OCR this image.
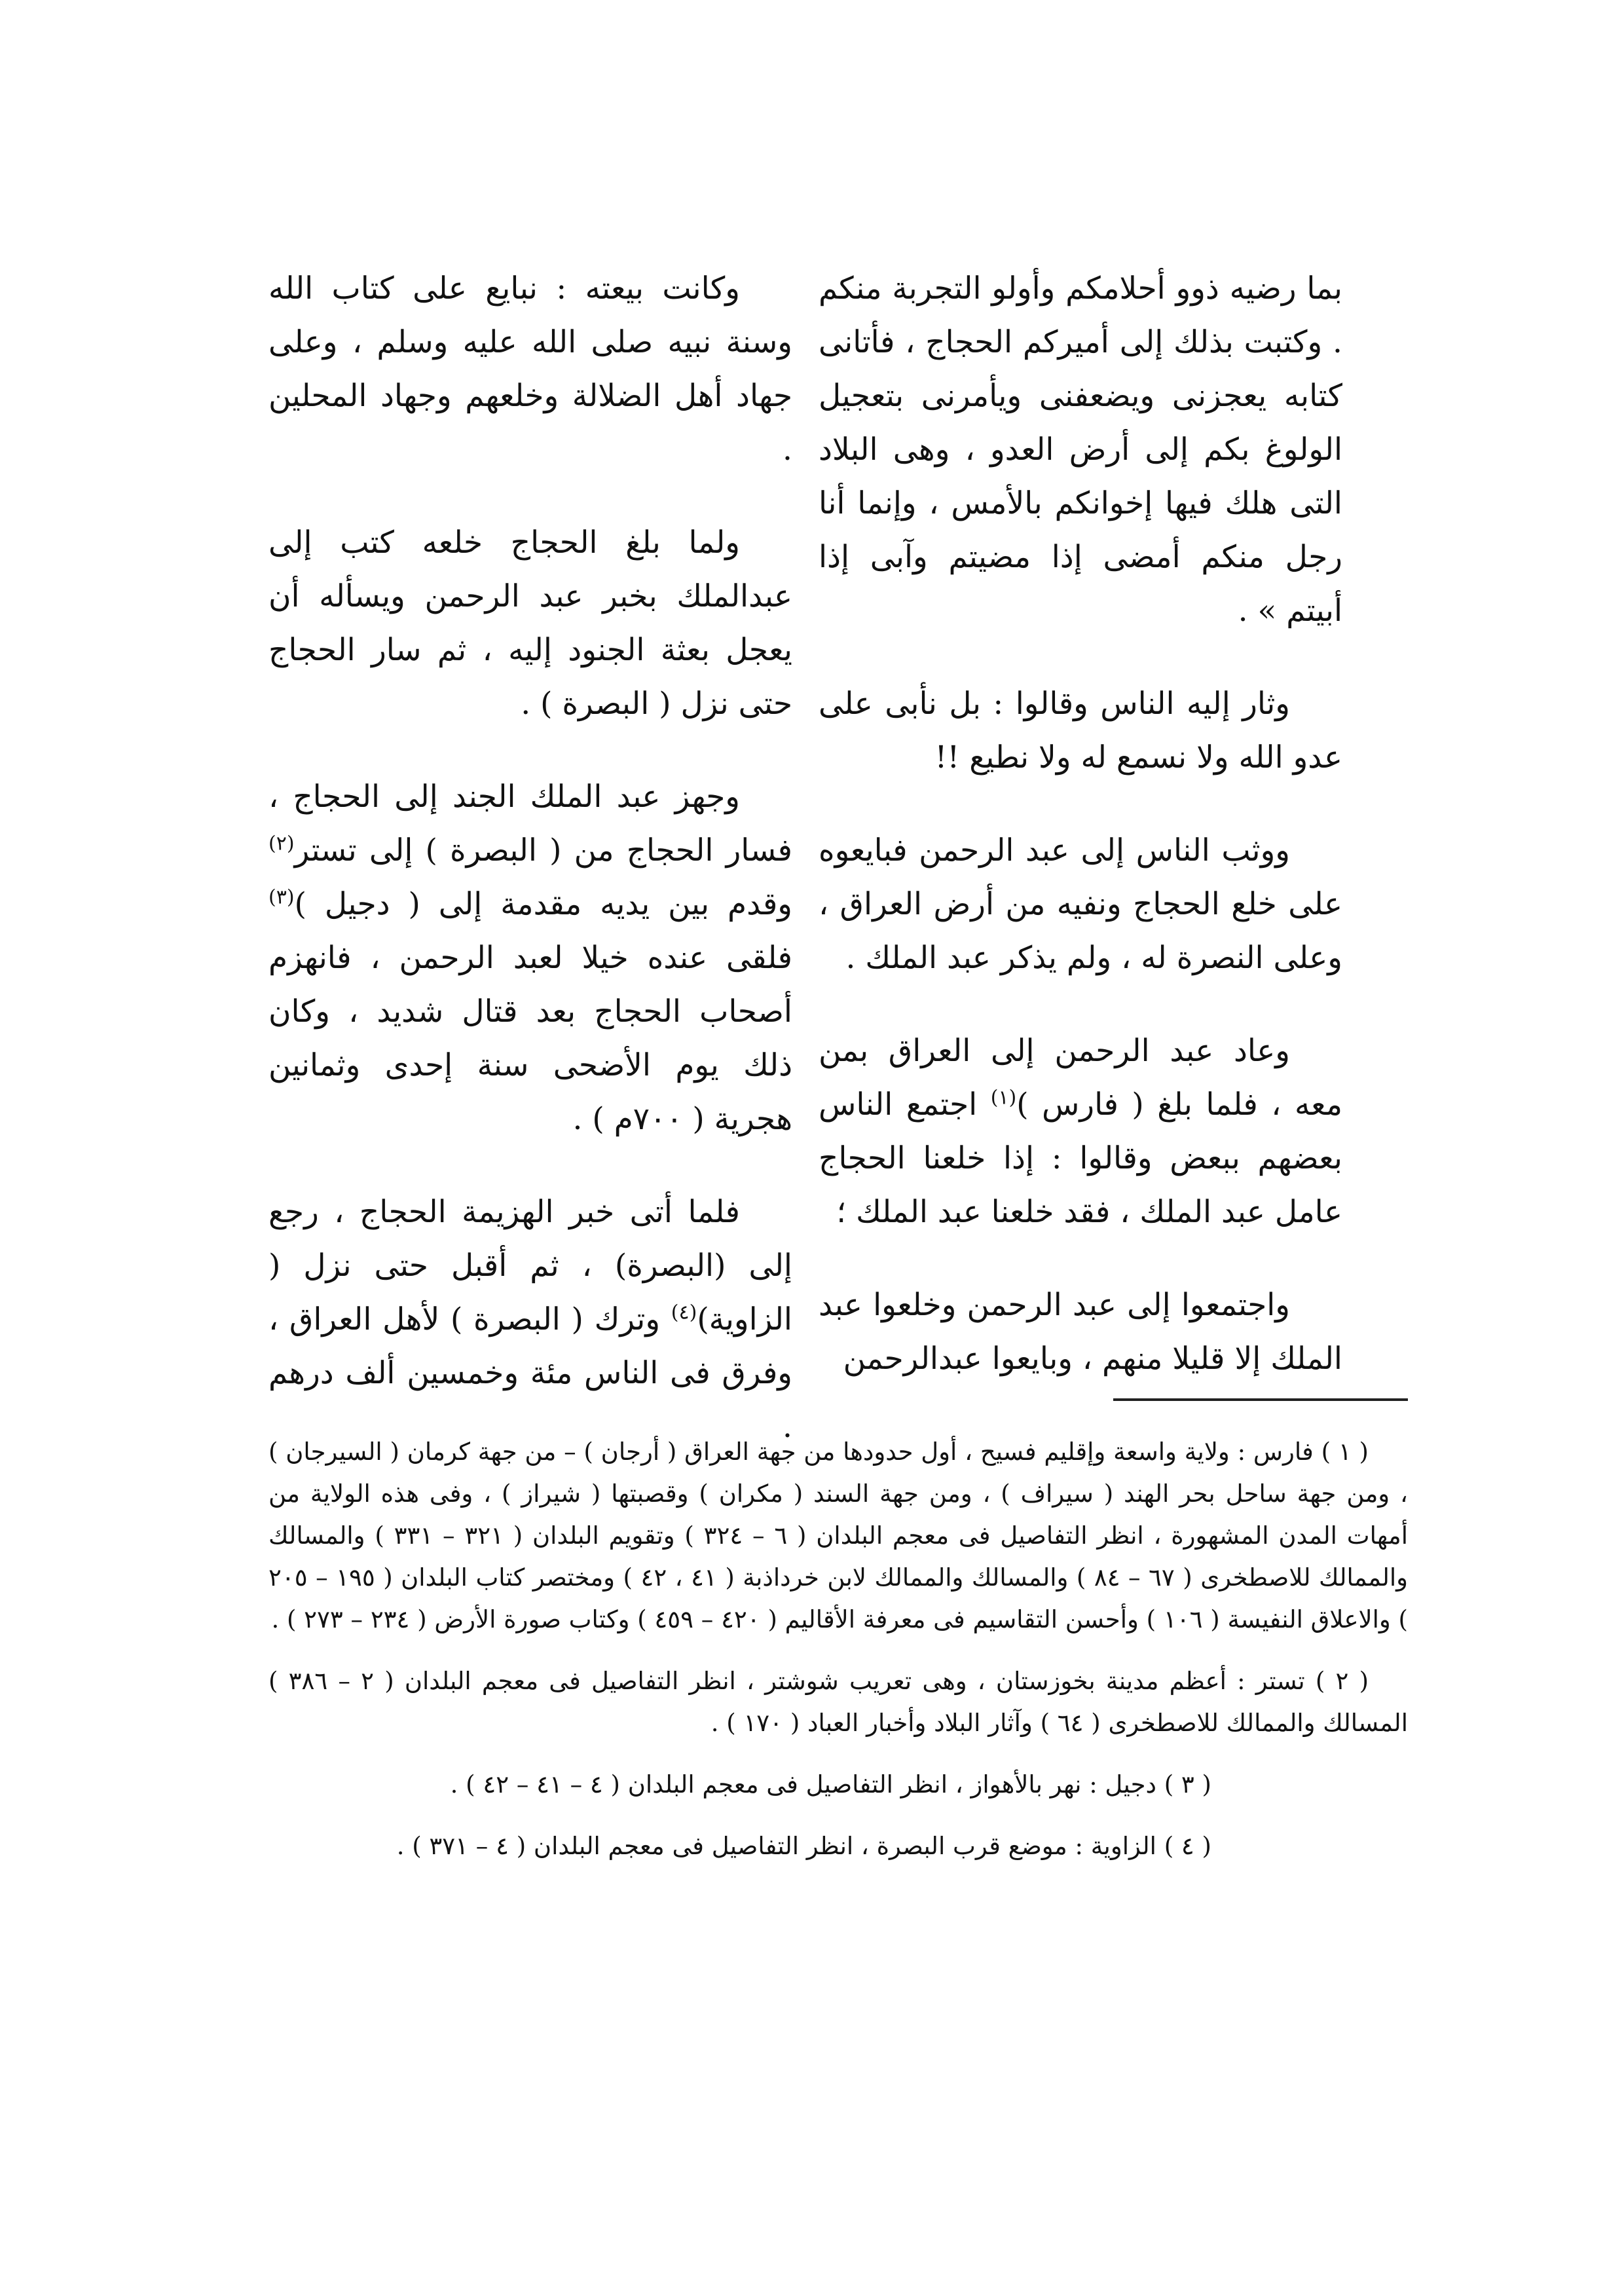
بما رضيه ذوو أحلامكم وأولو التجربة منكم . وكتبت بذلك إلى أميركم الحجاج ، فأتانى كتابه يعجزنى ويضعفنى ويأمرنى بتعجيل الولوغ بكم إلى أرض العدو ، وهى البلاد التى هلك فيها إخوانكم بالأمس ، وإنما أنا رجل منكم أمضى إذا مضيتم وآبى إذا أبيتم » .

وثار إليه الناس وقالوا : بل نأبى على عدو الله ولا نسمع له ولا نطيع !!

ووثب الناس إلى عبد الرحمن فبايعوه على خلع الحجاج ونفيه من أرض العراق ، وعلى النصرة له ، ولم يذكر عبد الملك .

وعاد عبد الرحمن إلى العراق بمن معه ، فلما بلغ ( فارس )$^{(١)}$ اجتمع الناس بعضهم ببعض وقالوا : إذا خلعنا الحجاج عامل عبد الملك ، فقد خلعنا عبد الملك ؛

واجتمعوا إلى عبد الرحمن وخلعوا عبد الملك إلا قليلا منهم ، وبايعوا عبدالرحمن

وكانت بيعته : نبايع على كتاب الله وسنة نبيه صلى الله عليه وسلم ، وعلى جهاد أهل الضلالة وخلعهم وجهاد المحلين .

ولما بلغ الحجاج خلعه كتب إلى عبدالملك بخبر عبد الرحمن ويسأله أن يعجل بعثة الجنود إليه ، ثم سار الحجاج حتى نزل ( البصرة ) .

وجهز عبد الملك الجند إلى الحجاج ، فسار الحجاج من ( البصرة ) إلى تستر$^{(٢)}$ وقدم بين يديه مقدمة إلى ( دجيل )$^{(٣)}$ فلقى عنده خيلا لعبد الرحمن ، فانهزم أصحاب الحجاج بعد قتال شديد ، وكان ذلك يوم الأضحى سنة إحدى وثمانين هجرية ( ٧٠٠م ) .

فلما أتى خبر الهزيمة الحجاج ، رجع إلى (البصرة) ، ثم أقبل حتى نزل ( الزاوية)$^{(٤)}$ وترك ( البصرة ) لأهل العراق ، وفرق فى الناس مئة وخمسين ألف درهم .

( ١ ) فارس : ولاية واسعة وإقليم فسيح ، أول حدودها من جهة العراق ( أرجان ) – من جهة كرمان ( السيرجان ) ، ومن جهة ساحل بحر الهند ( سيراف ) ، ومن جهة السند ( مكران ) وقصبتها ( شيراز ) ، وفى هذه الولاية من أمهات المدن المشهورة ، انظر التفاصيل فى معجم البلدان ( ٦ – ٣٢٤ ) وتقويم البلدان ( ٣٢١ – ٣٣١ ) والمسالك والممالك للاصطخرى ( ٦٧ – ٨٤ ) والمسالك والممالك لابن خرداذبة ( ٤١ ، ٤٢ ) ومختصر كتاب البلدان ( ١٩٥ – ٢٠٥ ) والاعلاق النفيسة ( ١٠٦ ) وأحسن التقاسيم فى معرفة الأقاليم ( ٤٢٠ – ٤٥٩ ) وكتاب صورة الأرض ( ٢٣٤ – ٢٧٣ ) .

( ٢ ) تستر : أعظم مدينة بخوزستان ، وهى تعريب شوشتر ، انظر التفاصيل فى معجم البلدان ( ٢ – ٣٨٦ ) المسالك والممالك للاصطخرى ( ٦٤ ) وآثار البلاد وأخبار العباد ( ١٧٠ ) .

( ٣ ) دجيل : نهر بالأهواز ، انظر التفاصيل فى معجم البلدان ( ٤ – ٤١ – ٤٢ ) .

( ٤ ) الزاوية : موضع قرب البصرة ، انظر التفاصيل فى معجم البلدان ( ٤ – ٣٧١ ) .
